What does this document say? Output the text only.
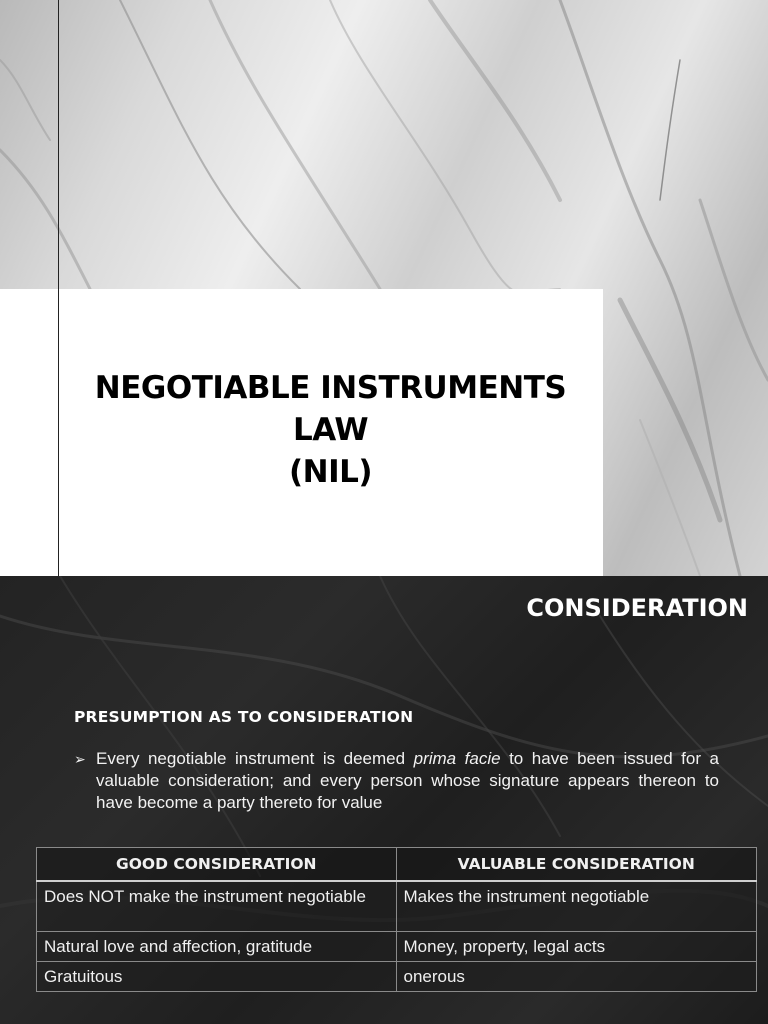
NEGOTIABLE INSTRUMENTS LAW
(NIL)
CONSIDERATION
PRESUMPTION AS TO CONSIDERATION
➢ Every negotiable instrument is deemed prima facie to have been issued for a valuable consideration; and every person whose signature appears thereon to have become a party thereto for value
GOOD CONSIDERATION	VALUABLE CONSIDERATION
Does NOT make the instrument negotiable	Makes the instrument negotiable
Natural love and affection, gratitude	Money, property, legal acts
Gratuitous	onerous
